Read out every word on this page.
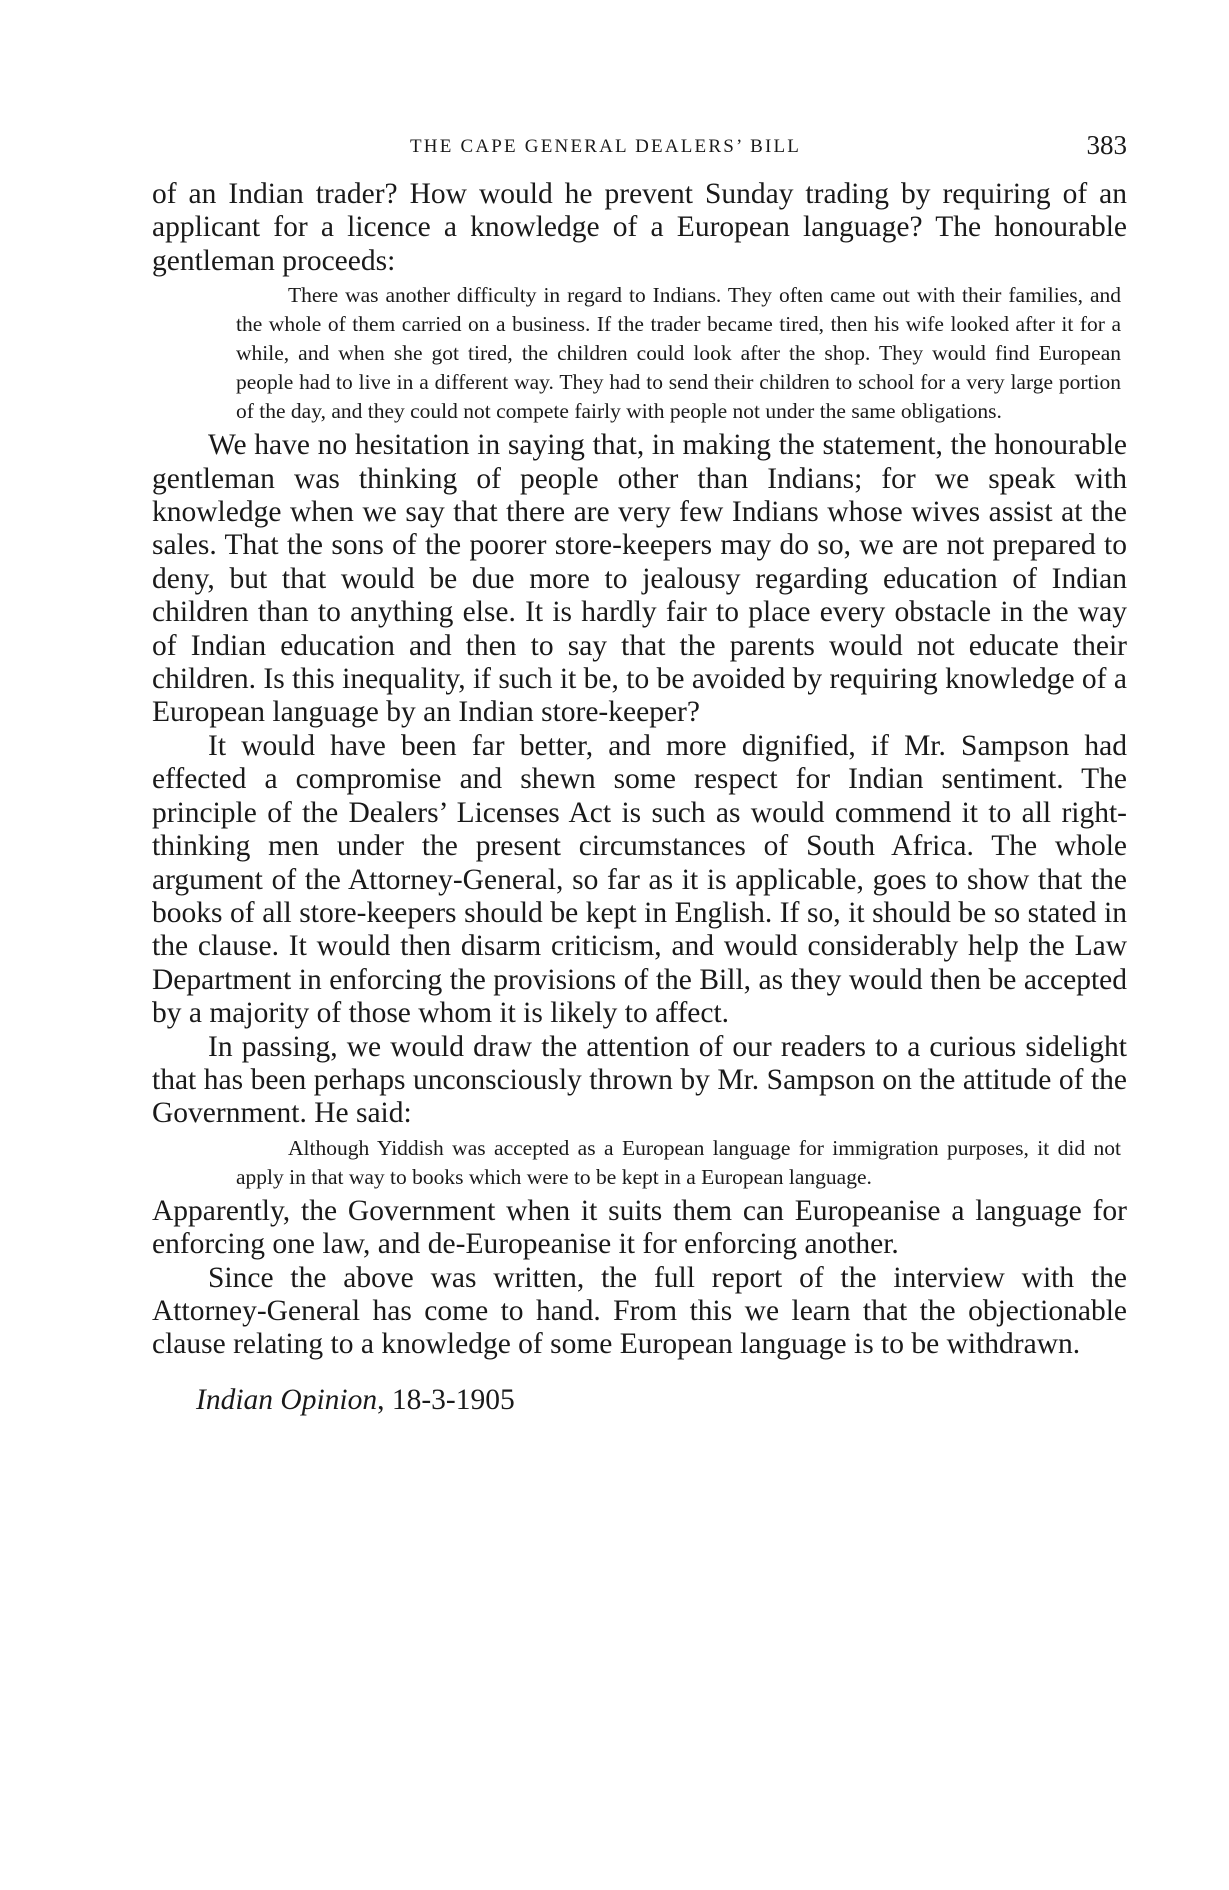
THE CAPE GENERAL DEALERS’ BILL	383

of an Indian trader? How would he prevent Sunday trading by requiring of an applicant for a licence a knowledge of a European language? The honourable gentleman proceeds:

There was another difficulty in regard to Indians. They often came out with their families, and the whole of them carried on a business. If the trader became tired, then his wife looked after it for a while, and when she got tired, the children could look after the shop. They would find European people had to live in a different way. They had to send their children to school for a very large portion of the day, and they could not compete fairly with people not under the same obligations.

We have no hesitation in saying that, in making the statement, the honourable gentleman was thinking of people other than Indians; for we speak with knowledge when we say that there are very few Indians whose wives assist at the sales. That the sons of the poorer store-keepers may do so, we are not prepared to deny, but that would be due more to jealousy regarding education of Indian children than to anything else. It is hardly fair to place every obstacle in the way of Indian education and then to say that the parents would not educate their children. Is this inequality, if such it be, to be avoided by requiring knowledge of a European language by an Indian store-keeper?

It would have been far better, and more dignified, if Mr. Sampson had effected a compromise and shewn some respect for Indian sentiment. The principle of the Dealers’ Licenses Act is such as would commend it to all right-thinking men under the present circumstances of South Africa. The whole argument of the Attorney-General, so far as it is applicable, goes to show that the books of all store-keepers should be kept in English. If so, it should be so stated in the clause. It would then disarm criticism, and would considerably help the Law Department in enforcing the provisions of the Bill, as they would then be accepted by a majority of those whom it is likely to affect.

In passing, we would draw the attention of our readers to a curious sidelight that has been perhaps unconsciously thrown by Mr. Sampson on the attitude of the Government. He said:

Although Yiddish was accepted as a European language for immigration purposes, it did not apply in that way to books which were to be kept in a European language.

Apparently, the Government when it suits them can Europeanise a language for enforcing one law, and de-Europeanise it for enforcing another.

Since the above was written, the full report of the interview with the Attorney-General has come to hand. From this we learn that the objectionable clause relating to a knowledge of some European language is to be withdrawn.

Indian Opinion, 18-3-1905
